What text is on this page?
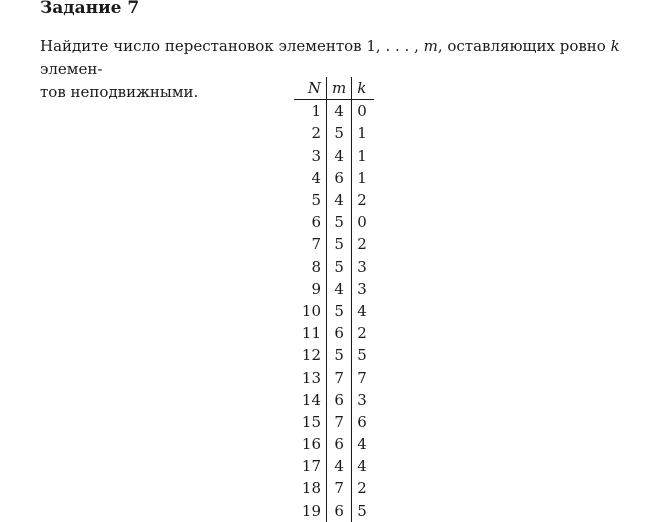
Задание 7

Найдите число перестановок элементов 1, . . . , m, оставляющих ровно k элемен-
тов неподвижными.	N	m	k
1	4	0
2	5	1
3	4	1
4	6	1
5	4	2
6	5	0
7	5	2
8	5	3
9	4	3
10	5	4
11	6	2
12	5	5
13	7	7
14	6	3
15	7	6
16	6	4
17	4	4
18	7	2
19	6	5
